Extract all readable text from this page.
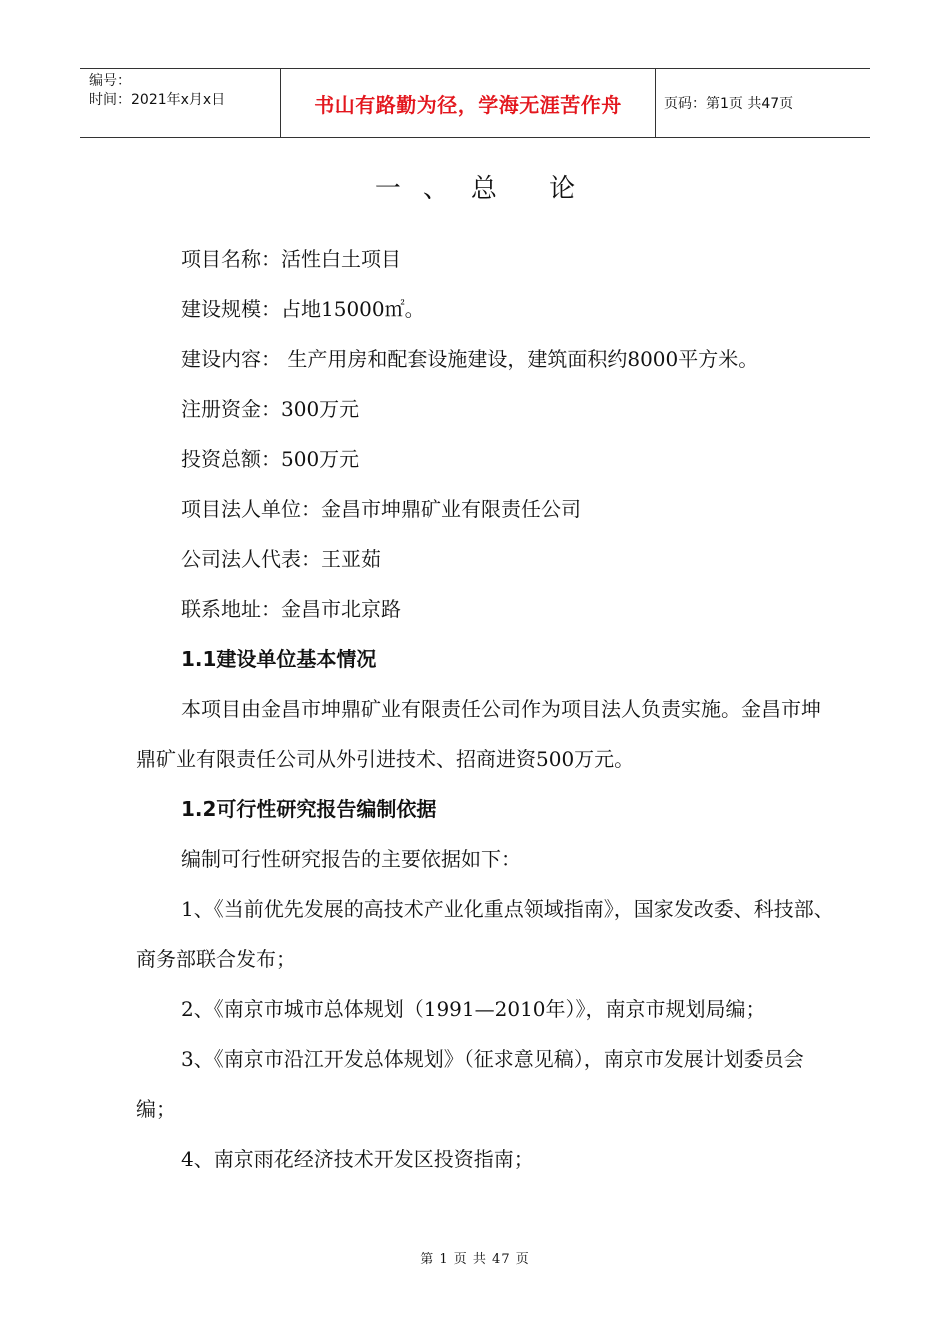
编号：
时间：2021年x月x日	书山有路勤为径，学海无涯苦作舟	页码：第1页 共47页
一、总 论

项目名称：活性白土项目

建设规模：占地15000㎡。

建设内容： 生产用房和配套设施建设，建筑面积约8000平方米。

注册资金：300万元

投资总额：500万元

项目法人单位：金昌市坤鼎矿业有限责任公司

公司法人代表：王亚茹

联系地址：金昌市北京路

1.1建设单位基本情况

本项目由金昌市坤鼎矿业有限责任公司作为项目法人负责实施。金昌市坤鼎矿业有限责任公司从外引进技术、招商进资500万元。

1.2可行性研究报告编制依据

编制可行性研究报告的主要依据如下：

1、《当前优先发展的高技术产业化重点领域指南》，国家发改委、科技部、商务部联合发布；

2、《南京市城市总体规划（1991—2010年）》，南京市规划局编；

3、《南京市沿江开发总体规划》（征求意见稿），南京市发展计划委员会编；

4、南京雨花经济技术开发区投资指南；

第 1 页 共 47 页
